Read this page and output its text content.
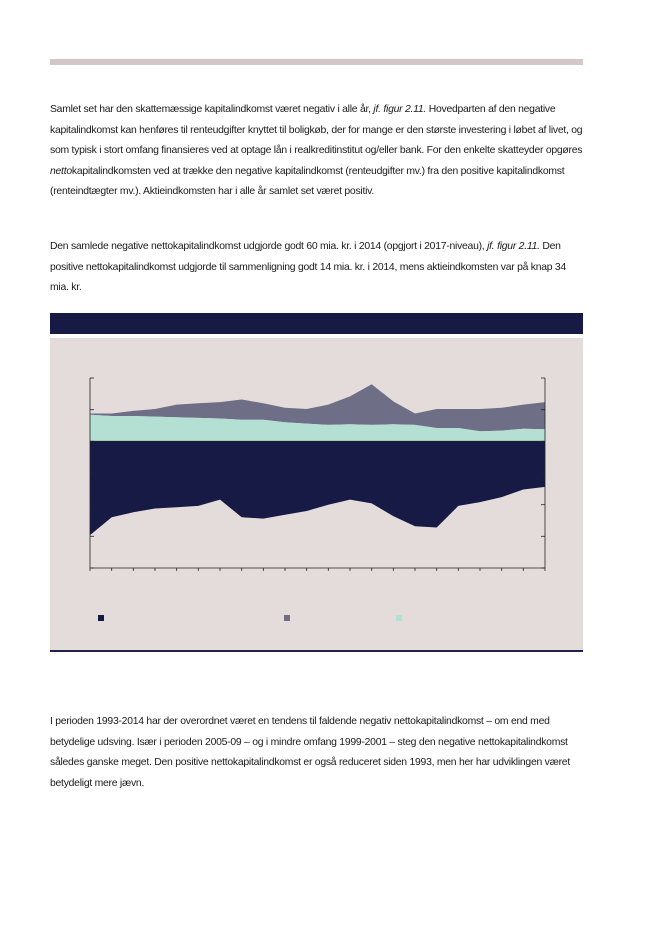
Samlet set har den skattemæssige kapitalindkomst været negativ i alle år, jf. figur 2.11. Hovedparten af den negative kapitalindkomst kan henføres til renteudgifter knyttet til boligkøb, der for mange er den største investering i løbet af livet, og som typisk i stort omfang finansieres ved at optage lån i realkreditinstitut og/eller bank. For den enkelte skatteyder opgøres nettokapitalindkomsten ved at trække den negative kapitalindkomst (renteudgifter mv.) fra den positive kapitalindkomst (renteindtægter mv.). Aktieindkomsten har i alle år samlet set været positiv.

Den samlede negative nettokapitalindkomst udgjorde godt 60 mia. kr. i 2014 (opgjort i 2017-niveau), jf. figur 2.11. Den positive nettokapitalindkomst udgjorde til sammenligning godt 14 mia. kr. i 2014, mens aktieindkomsten var på knap 34 mia. kr.

I perioden 1993-2014 har der overordnet været en tendens til faldende negativ nettokapitalindkomst – om end med betydelige udsving. Især i perioden 2005-09 – og i mindre omfang 1999-2001 – steg den negative nettokapitalindkomst således ganske meget. Den positive nettokapitalindkomst er også reduceret siden 1993, men her har udviklingen været betydeligt mere jævn.
